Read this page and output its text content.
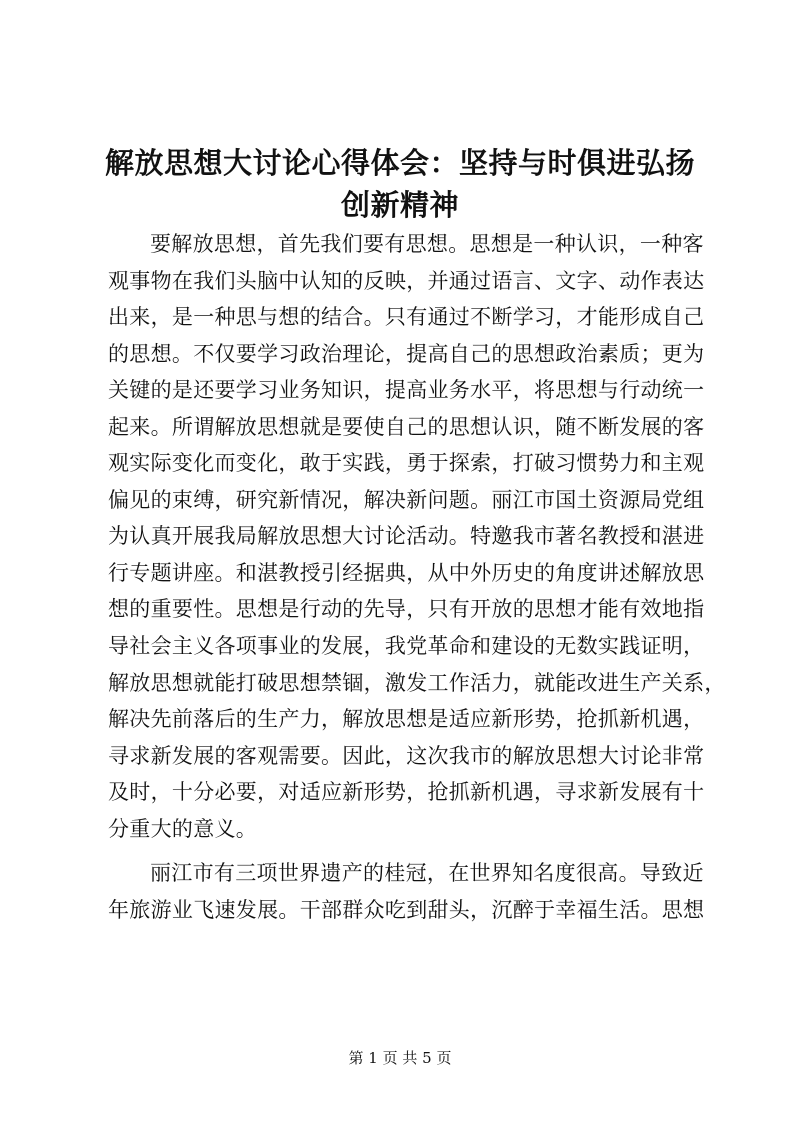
解放思想大讨论心得体会：坚持与时俱进弘扬
创新精神
要解放思想，首先我们要有思想。思想是一种认识，一种客
观事物在我们头脑中认知的反映，并通过语言、文字、动作表达
出来，是一种思与想的结合。只有通过不断学习，才能形成自己
的思想。不仅要学习政治理论，提高自己的思想政治素质；更为
关键的是还要学习业务知识，提高业务水平，将思想与行动统一
起来。所谓解放思想就是要使自己的思想认识，随不断发展的客
观实际变化而变化，敢于实践，勇于探索，打破习惯势力和主观
偏见的束缚，研究新情况，解决新问题。丽江市国土资源局党组
为认真开展我局解放思想大讨论活动。特邀我市著名教授和湛进
行专题讲座。和湛教授引经据典，从中外历史的角度讲述解放思
想的重要性。思想是行动的先导，只有开放的思想才能有效地指
导社会主义各项事业的发展，我党革命和建设的无数实践证明，
解放思想就能打破思想禁锢，激发工作活力，就能改进生产关系，
解决先前落后的生产力，解放思想是适应新形势，抢抓新机遇，
寻求新发展的客观需要。因此，这次我市的解放思想大讨论非常
及时，十分必要，对适应新形势，抢抓新机遇，寻求新发展有十
分重大的意义。
丽江市有三项世界遗产的桂冠，在世界知名度很高。导致近
年旅游业飞速发展。干部群众吃到甜头，沉醉于幸福生活。思想
第 1 页 共 5 页
